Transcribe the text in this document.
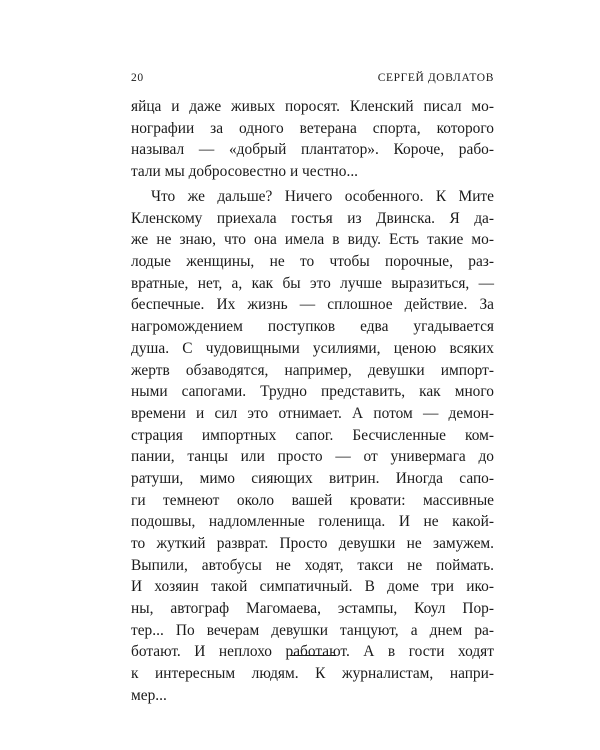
20	СЕРГЕЙ ДОВЛАТОВ
яйца и даже живых поросят. Кленский писал мо-
нографии за одного ветерана спорта, которого
называл — «добрый плантатор». Короче, рабо-
тали мы добросовестно и честно...
Что же дальше? Ничего особенного. К Мите
Кленскому приехала гостья из Двинска. Я да-
же не знаю, что она имела в виду. Есть такие мо-
лодые женщины, не то чтобы порочные, раз-
вратные, нет, а, как бы это лучше выразиться, —
беспечные. Их жизнь — сплошное действие. За
нагромождением поступков едва угадывается
душа. С чудовищными усилиями, ценою всяких
жертв обзаводятся, например, девушки импорт-
ными сапогами. Трудно представить, как много
времени и сил это отнимает. А потом — демон-
страция импортных сапог. Бесчисленные ком-
пании, танцы или просто — от универмага до
ратуши, мимо сияющих витрин. Иногда сапо-
ги темнеют около вашей кровати: массивные
подошвы, надломленные голенища. И не какой-
то жуткий разврат. Просто девушки не замужем.
Выпили, автобусы не ходят, такси не поймать.
И хозяин такой симпатичный. В доме три ико-
ны, автограф Магомаева, эстампы, Коул Пор-
тер... По вечерам девушки танцуют, а днем ра-
ботают. И неплохо работают. А в гости ходят
к интересным людям. К журналистам, напри-
мер...
